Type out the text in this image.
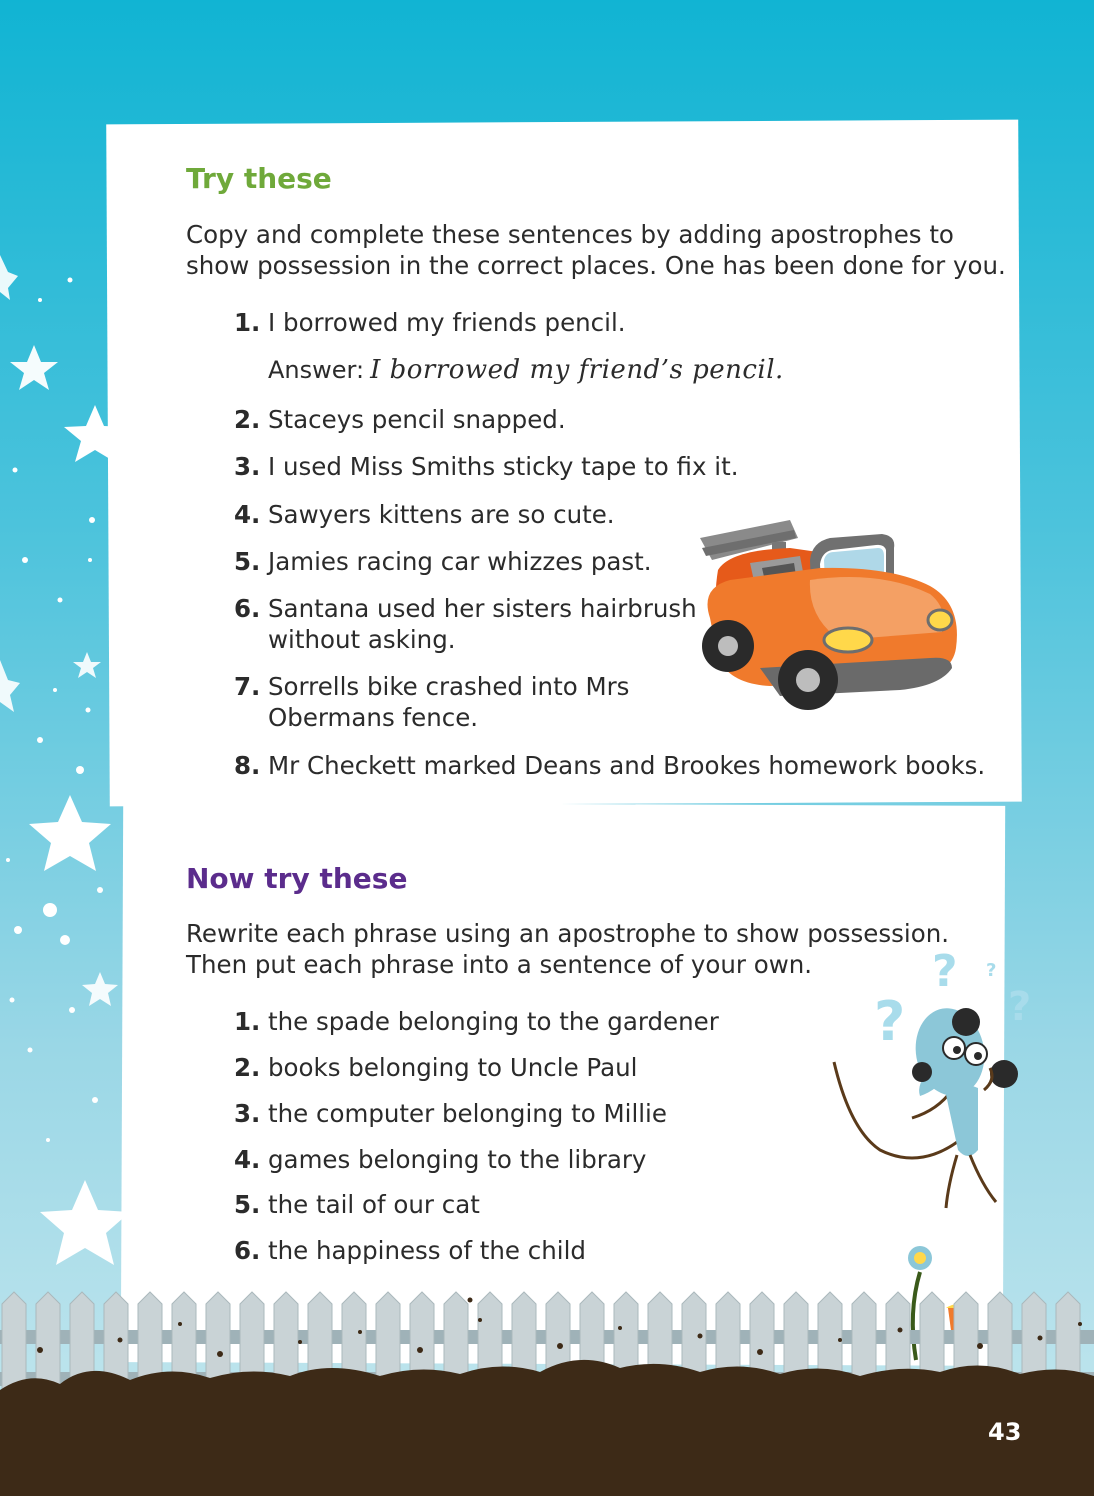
Try these
Copy and complete these sentences by adding apostrophes to show possession in the correct places. One has been done for you.
1. I borrowed my friends pencil.
Answer: I borrowed my friend’s pencil.
2. Staceys pencil snapped.
3. I used Miss Smiths sticky tape to fix it.
4. Sawyers kittens are so cute.
5. Jamies racing car whizzes past.
6. Santana used her sisters hairbrush
without asking.
7. Sorrells bike crashed into Mrs
Obermans fence.
8. Mr Checkett marked Deans and Brookes homework books.
Now try these
Rewrite each phrase using an apostrophe to show possession. Then put each phrase into a sentence of your own.
1. the spade belonging to the gardener
2. books belonging to Uncle Paul
3. the computer belonging to Millie
4. games belonging to the library
5. the tail of our cat
6. the happiness of the child
?
?
?
?
43
